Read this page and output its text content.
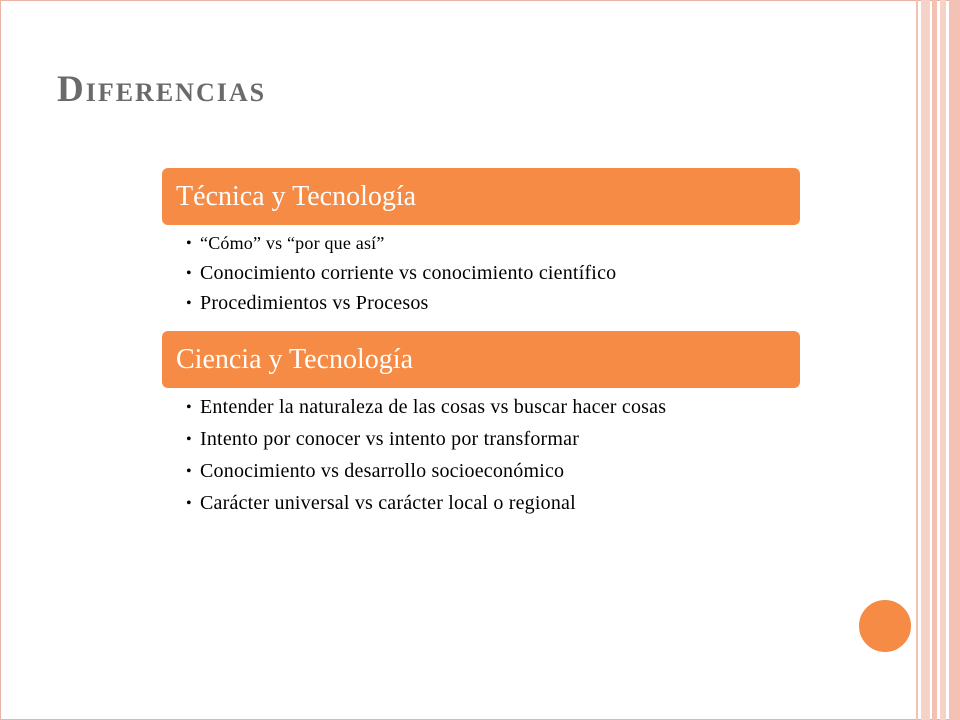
Diferencias
Técnica y Tecnología
• “Cómo” vs “por que así”
• Conocimiento corriente vs conocimiento científico
• Procedimientos vs Procesos
Ciencia y Tecnología
• Entender la naturaleza de las cosas vs buscar hacer cosas
• Intento por conocer vs intento por transformar
• Conocimiento vs desarrollo socioeconómico
• Carácter universal vs carácter local o regional
